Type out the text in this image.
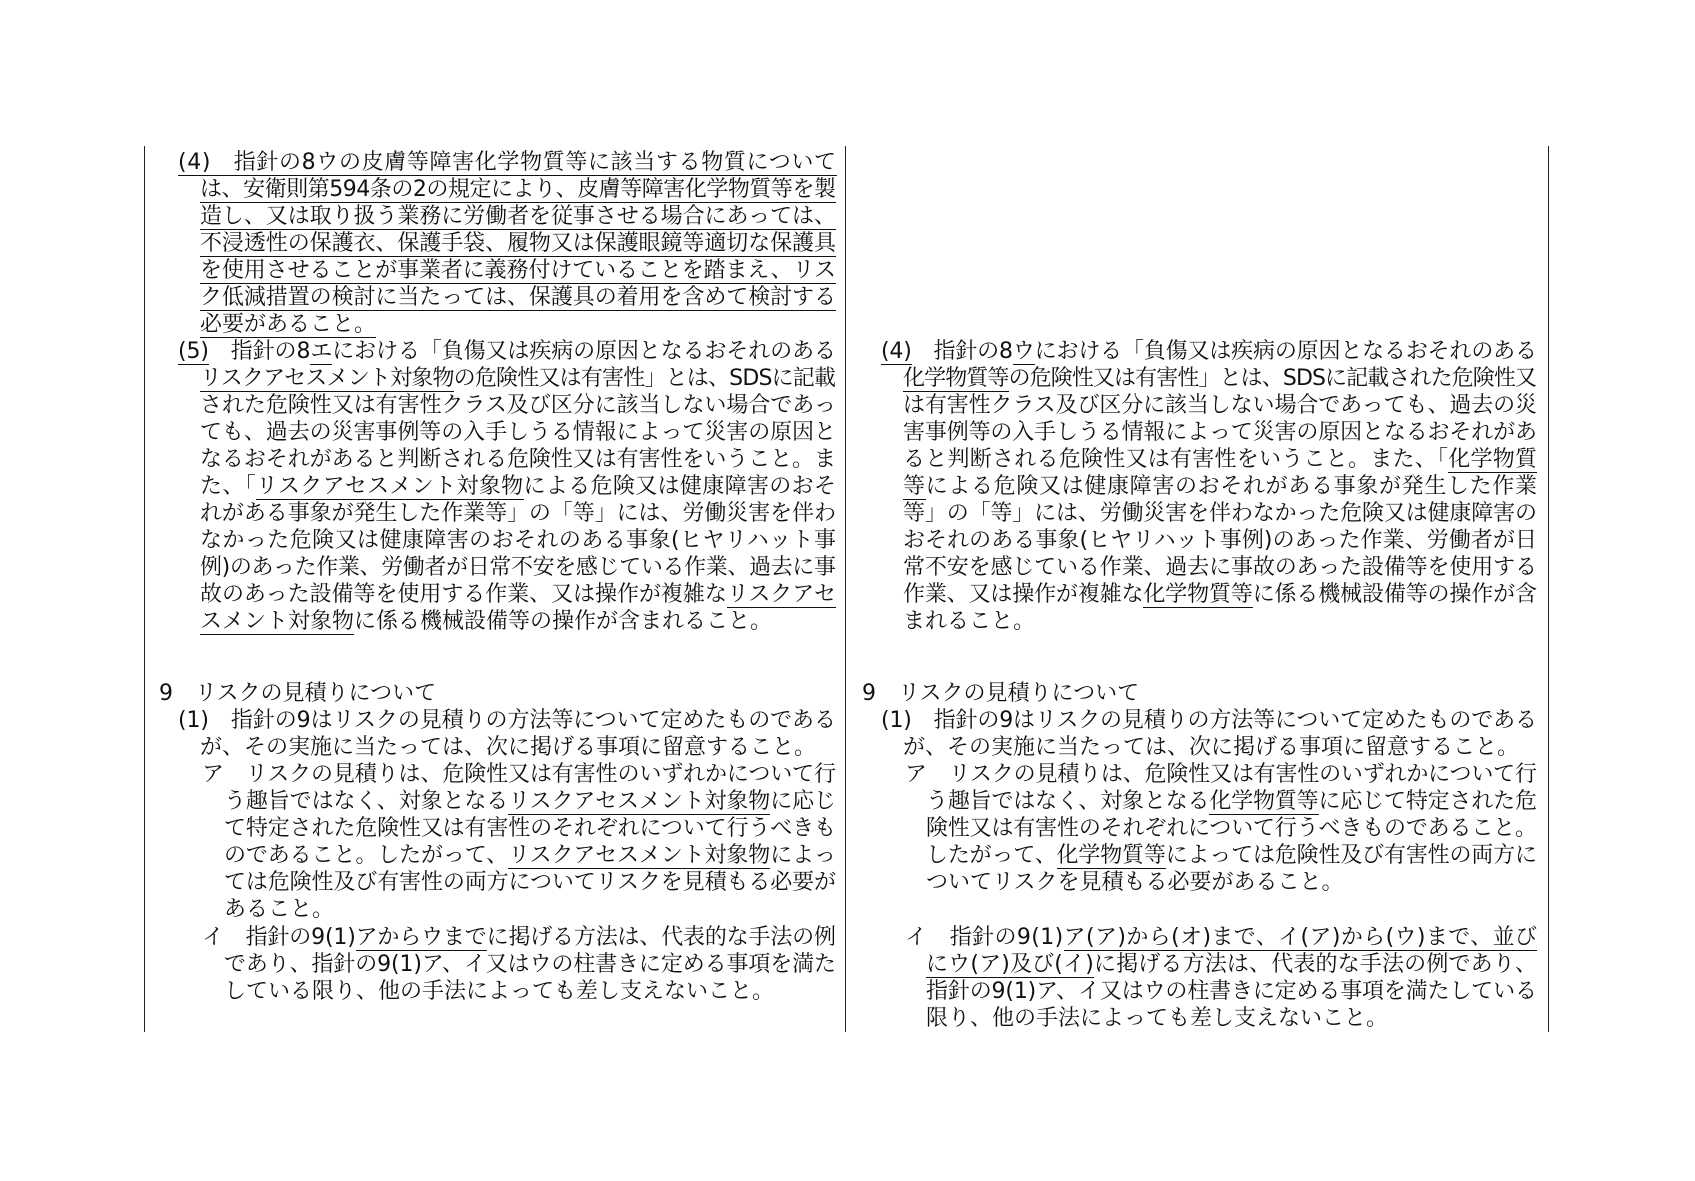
(4)　指針の8ウの皮膚等障害化学物質等に該当する物質について
は、安衛則第594条の2の規定により、皮膚等障害化学物質等を製
造し、又は取り扱う業務に労働者を従事させる場合にあっては、
不浸透性の保護衣、保護手袋、履物又は保護眼鏡等適切な保護具
を使用させることが事業者に義務付けていることを踏まえ、リス
ク低減措置の検討に当たっては、保護具の着用を含めて検討する
必要があること。
(5)　指針の8エにおける「負傷又は疾病の原因となるおそれのある
リスクアセスメント対象物の危険性又は有害性」とは、SDSに記載
された危険性又は有害性クラス及び区分に該当しない場合であっ
ても、過去の災害事例等の入手しうる情報によって災害の原因と
なるおそれがあると判断される危険性又は有害性をいうこと。ま
た、「リスクアセスメント対象物による危険又は健康障害のおそ
れがある事象が発生した作業等」の「等」には、労働災害を伴わ
なかった危険又は健康障害のおそれのある事象(ヒヤリハット事
例)のあった作業、労働者が日常不安を感じている作業、過去に事
故のあった設備等を使用する作業、又は操作が複雑なリスクアセ
スメント対象物に係る機械設備等の操作が含まれること。
9　リスクの見積りについて
(1)　指針の9はリスクの見積りの方法等について定めたものである
が、その実施に当たっては、次に掲げる事項に留意すること。
ア　リスクの見積りは、危険性又は有害性のいずれかについて行
う趣旨ではなく、対象となるリスクアセスメント対象物に応じ
て特定された危険性又は有害性のそれぞれについて行うべきも
のであること。したがって、リスクアセスメント対象物によっ
ては危険性及び有害性の両方についてリスクを見積もる必要が
あること。
イ　指針の9(1)アからウまでに掲げる方法は、代表的な手法の例
であり、指針の9(1)ア、イ又はウの柱書きに定める事項を満た
している限り、他の手法によっても差し支えないこと。
(4)　指針の8ウにおける「負傷又は疾病の原因となるおそれのある
化学物質等の危険性又は有害性」とは、SDSに記載された危険性又
は有害性クラス及び区分に該当しない場合であっても、過去の災
害事例等の入手しうる情報によって災害の原因となるおそれがあ
ると判断される危険性又は有害性をいうこと。また、「化学物質
等による危険又は健康障害のおそれがある事象が発生した作業
等」の「等」には、労働災害を伴わなかった危険又は健康障害の
おそれのある事象(ヒヤリハット事例)のあった作業、労働者が日
常不安を感じている作業、過去に事故のあった設備等を使用する
作業、又は操作が複雑な化学物質等に係る機械設備等の操作が含
まれること。
9　リスクの見積りについて
(1)　指針の9はリスクの見積りの方法等について定めたものである
が、その実施に当たっては、次に掲げる事項に留意すること。
ア　リスクの見積りは、危険性又は有害性のいずれかについて行
う趣旨ではなく、対象となる化学物質等に応じて特定された危
険性又は有害性のそれぞれについて行うべきものであること。
したがって、化学物質等によっては危険性及び有害性の両方に
ついてリスクを見積もる必要があること。
イ　指針の9(1)ア(ア)から(オ)まで、イ(ア)から(ウ)まで、並び
にウ(ア)及び(イ)に掲げる方法は、代表的な手法の例であり、
指針の9(1)ア、イ又はウの柱書きに定める事項を満たしている
限り、他の手法によっても差し支えないこと。
